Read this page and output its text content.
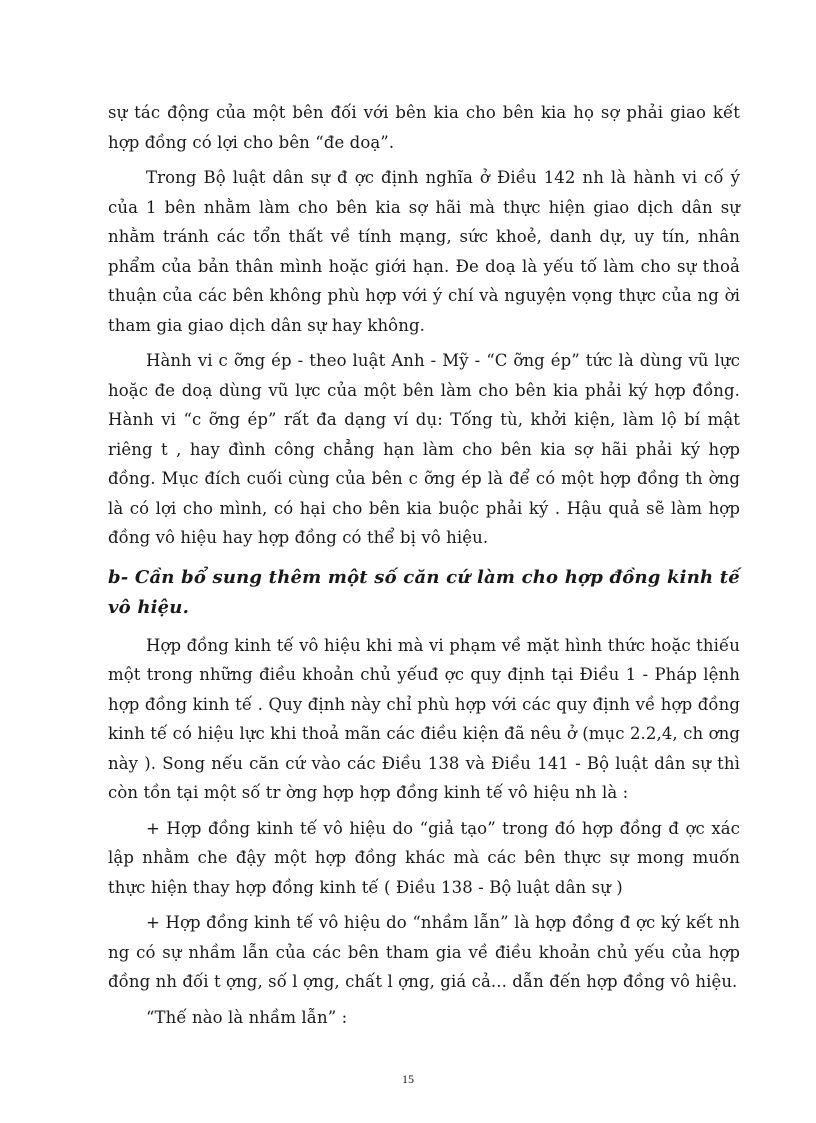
sự tác động của một bên đối với bên kia cho bên kia họ sợ phải giao kết hợp đồng có lợi cho bên “đe doạ”.

Trong Bộ luật dân sự đ ợc định nghĩa ở Điều 142 nh là hành vi cố ý của 1 bên nhằm làm cho bên kia sợ hãi mà thực hiện giao dịch dân sự nhằm tránh các tổn thất về tính mạng, sức khoẻ, danh dự, uy tín, nhân phẩm của bản thân mình hoặc giới hạn. Đe doạ là yếu tố làm cho sự thoả thuận của các bên không phù hợp với ý chí và nguyện vọng thực của ng ời tham gia giao dịch dân sự hay không.

Hành vi c ỡng ép - theo luật Anh - Mỹ - “C ỡng ép” tức là dùng vũ lực hoặc đe doạ dùng vũ lực của một bên làm cho bên kia phải ký hợp đồng. Hành vi “c ỡng ép” rất đa dạng ví dụ: Tống tù, khởi kiện, làm lộ bí mật riêng t , hay đình công chẳng hạn làm cho bên kia sợ hãi phải ký hợp đồng. Mục đích cuối cùng của bên c ỡng ép là để có một hợp đồng th ờng là có lợi cho mình, có hại cho bên kia buộc phải ký . Hậu quả sẽ làm hợp đồng vô hiệu hay hợp đồng có thể bị vô hiệu.

b- Cần bổ sung thêm một số căn cứ làm cho hợp đồng kinh tế vô hiệu.

Hợp đồng kinh tế vô hiệu khi mà vi phạm về mặt hình thức hoặc thiếu một trong những điều khoản chủ yếuđ ợc quy định tại Điều 1 - Pháp lệnh hợp đồng kinh tế . Quy định này chỉ phù hợp với các quy định về hợp đồng kinh tế có hiệu lực khi thoả mãn các điều kiện đã nêu ở (mục 2.2,4, ch ơng này ). Song nếu căn cứ vào các Điều 138 và Điều 141 - Bộ luật dân sự thì còn tồn tại một số tr ờng hợp hợp đồng kinh tế vô hiệu nh là :

+ Hợp đồng kinh tế vô hiệu do “giả tạo” trong đó hợp đồng đ ợc xác lập nhằm che đậy một hợp đồng khác mà các bên thực sự mong muốn thực hiện thay hợp đồng kinh tế ( Điều 138 - Bộ luật dân sự )

+ Hợp đồng kinh tế vô hiệu do “nhầm lẫn” là hợp đồng đ ợc ký kết nh ng có sự nhầm lẫn của các bên tham gia về điều khoản chủ yếu của hợp đồng nh đối t ợng, số l ợng, chất l ợng, giá cả... dẫn đến hợp đồng vô hiệu.

“Thế nào là nhầm lẫn” :

15
